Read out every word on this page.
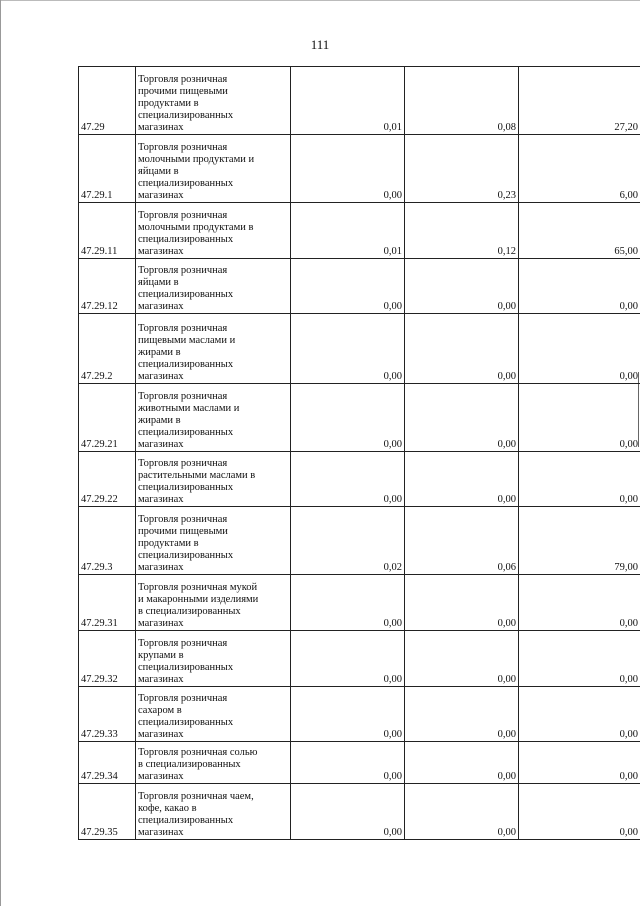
111
47.29	Торговля розничная
прочими пищевыми
продуктами в
специализированных
магазинах	0,01	0,08	27,20
47.29.1	Торговля розничная
молочными продуктами и
яйцами в
специализированных
магазинах	0,00	0,23	6,00
47.29.11	Торговля розничная
молочными продуктами в
специализированных
магазинах	0,01	0,12	65,00
47.29.12	Торговля розничная
яйцами в
специализированных
магазинах	0,00	0,00	0,00
47.29.2	Торговля розничная
пищевыми маслами и
жирами в
специализированных
магазинах	0,00	0,00	0,00
47.29.21	Торговля розничная
животными маслами и
жирами в
специализированных
магазинах	0,00	0,00	0,00
47.29.22	Торговля розничная
растительными маслами в
специализированных
магазинах	0,00	0,00	0,00
47.29.3	Торговля розничная
прочими пищевыми
продуктами в
специализированных
магазинах	0,02	0,06	79,00
47.29.31	Торговля розничная мукой
и макаронными изделиями
в специализированных
магазинах	0,00	0,00	0,00
47.29.32	Торговля розничная
крупами в
специализированных
магазинах	0,00	0,00	0,00
47.29.33	Торговля розничная
сахаром в
специализированных
магазинах	0,00	0,00	0,00
47.29.34	Торговля розничная солью
в специализированных
магазинах	0,00	0,00	0,00
47.29.35	Торговля розничная чаем,
кофе, какао в
специализированных
магазинах	0,00	0,00	0,00
